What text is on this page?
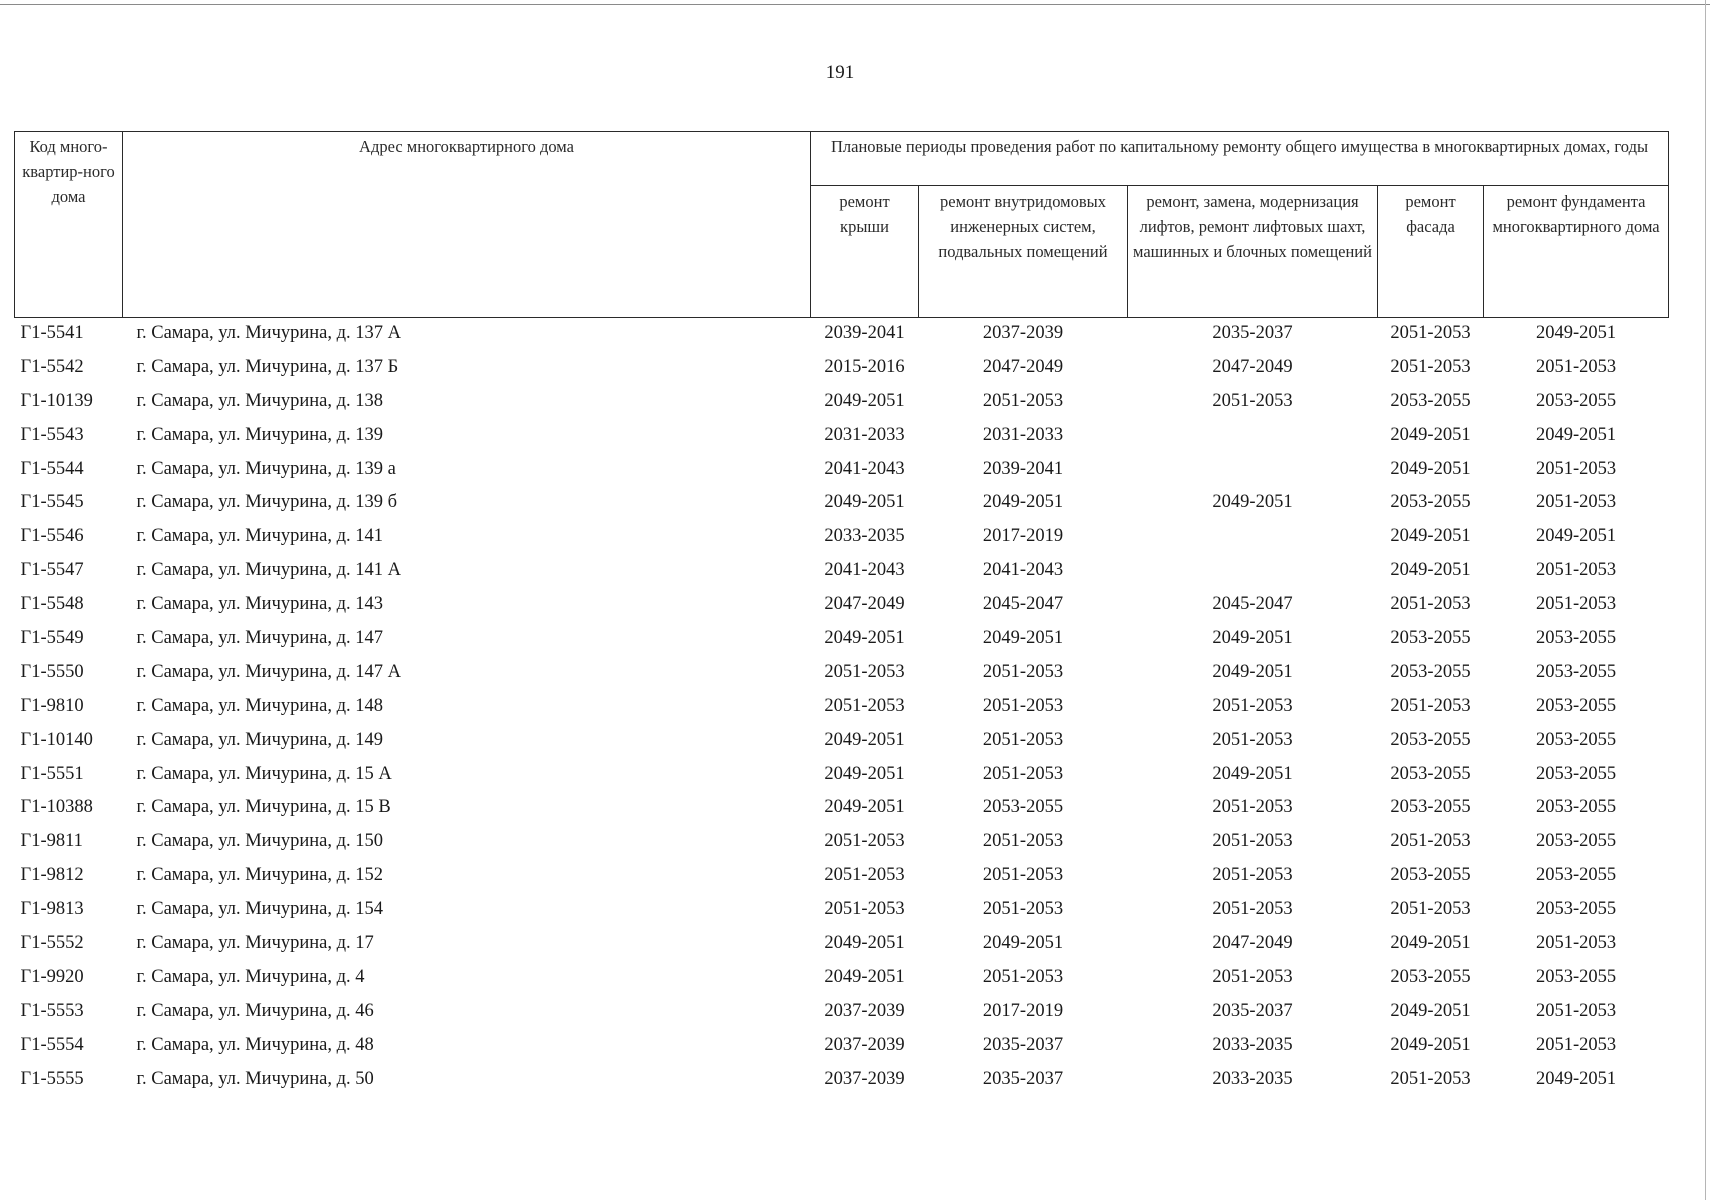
191
Код много-квартир-ного дома	Адрес многоквартирного дома	Плановые периоды проведения работ по капитальному ремонту общего имущества в многоквартирных домах, годы				
		ремонт крыши	ремонт внутридомовых инженерных систем, подвальных помещений	ремонт, замена, модернизация лифтов, ремонт лифтовых шахт, машинных и блочных помещений	ремонт фасада	ремонт фундамента многоквартирного дома
Г1-5541	г. Самара, ул. Мичурина, д. 137 А	2039-2041	2037-2039	2035-2037	2051-2053	2049-2051
Г1-5542	г. Самара, ул. Мичурина, д. 137 Б	2015-2016	2047-2049	2047-2049	2051-2053	2051-2053
Г1-10139	г. Самара, ул. Мичурина, д. 138	2049-2051	2051-2053	2051-2053	2053-2055	2053-2055
Г1-5543	г. Самара, ул. Мичурина, д. 139	2031-2033	2031-2033		2049-2051	2049-2051
Г1-5544	г. Самара, ул. Мичурина, д. 139 а	2041-2043	2039-2041		2049-2051	2051-2053
Г1-5545	г. Самара, ул. Мичурина, д. 139 б	2049-2051	2049-2051	2049-2051	2053-2055	2051-2053
Г1-5546	г. Самара, ул. Мичурина, д. 141	2033-2035	2017-2019		2049-2051	2049-2051
Г1-5547	г. Самара, ул. Мичурина, д. 141 А	2041-2043	2041-2043		2049-2051	2051-2053
Г1-5548	г. Самара, ул. Мичурина, д. 143	2047-2049	2045-2047	2045-2047	2051-2053	2051-2053
Г1-5549	г. Самара, ул. Мичурина, д. 147	2049-2051	2049-2051	2049-2051	2053-2055	2053-2055
Г1-5550	г. Самара, ул. Мичурина, д. 147 А	2051-2053	2051-2053	2049-2051	2053-2055	2053-2055
Г1-9810	г. Самара, ул. Мичурина, д. 148	2051-2053	2051-2053	2051-2053	2051-2053	2053-2055
Г1-10140	г. Самара, ул. Мичурина, д. 149	2049-2051	2051-2053	2051-2053	2053-2055	2053-2055
Г1-5551	г. Самара, ул. Мичурина, д. 15 А	2049-2051	2051-2053	2049-2051	2053-2055	2053-2055
Г1-10388	г. Самара, ул. Мичурина, д. 15 В	2049-2051	2053-2055	2051-2053	2053-2055	2053-2055
Г1-9811	г. Самара, ул. Мичурина, д. 150	2051-2053	2051-2053	2051-2053	2051-2053	2053-2055
Г1-9812	г. Самара, ул. Мичурина, д. 152	2051-2053	2051-2053	2051-2053	2053-2055	2053-2055
Г1-9813	г. Самара, ул. Мичурина, д. 154	2051-2053	2051-2053	2051-2053	2051-2053	2053-2055
Г1-5552	г. Самара, ул. Мичурина, д. 17	2049-2051	2049-2051	2047-2049	2049-2051	2051-2053
Г1-9920	г. Самара, ул. Мичурина, д. 4	2049-2051	2051-2053	2051-2053	2053-2055	2053-2055
Г1-5553	г. Самара, ул. Мичурина, д. 46	2037-2039	2017-2019	2035-2037	2049-2051	2051-2053
Г1-5554	г. Самара, ул. Мичурина, д. 48	2037-2039	2035-2037	2033-2035	2049-2051	2051-2053
Г1-5555	г. Самара, ул. Мичурина, д. 50	2037-2039	2035-2037	2033-2035	2051-2053	2049-2051
